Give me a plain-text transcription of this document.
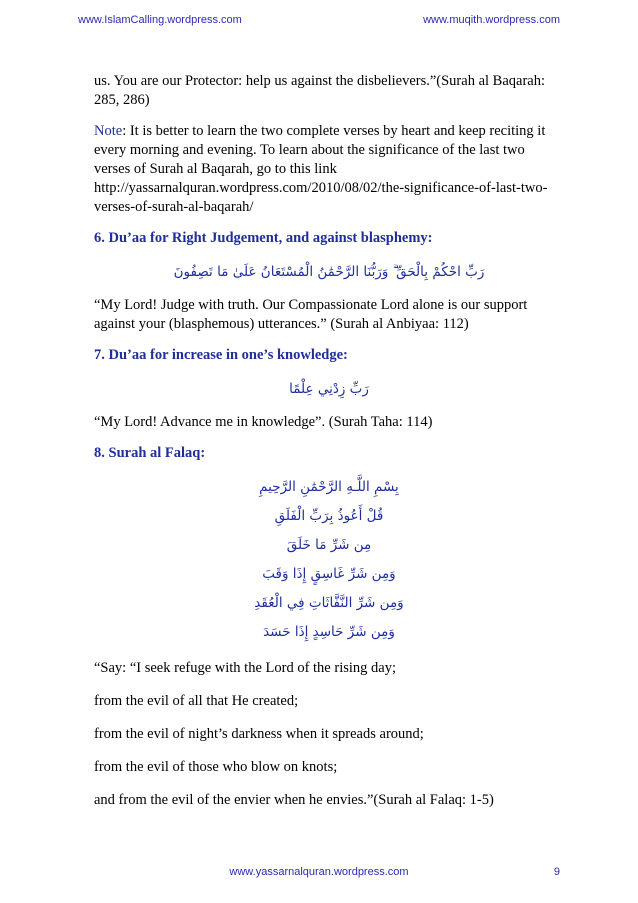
www.IslamCalling.wordpress.com	www.muqith.wordpress.com

us. You are our Protector: help us against the disbelievers.”(Surah al Baqarah: 285, 286)

Note: It is better to learn the two complete verses by heart and keep reciting it every morning and evening. To learn about the significance of the last two verses of Surah al Baqarah, go to this link http://yassarnalquran.wordpress.com/2010/08/02/the-significance-of-last-two-verses-of-surah-al-baqarah/

6. Du’aa for Right Judgement, and against blasphemy:
رَبِّ احْكُمْ بِالْحَقِّ ۗ وَرَبُّنَا الرَّحْمَٰنُ الْمُسْتَعَانُ عَلَىٰ مَا تَصِفُونَ

“My Lord! Judge with truth. Our Compassionate Lord alone is our support against your (blasphemous) utterances.” (Surah al Anbiyaa: 112)

7. Du’aa for increase in one’s knowledge:
رَبِّ زِدْنِي عِلْمًا

“My Lord! Advance me in knowledge”. (Surah Taha: 114)

8. Surah al Falaq:
بِسْمِ اللَّـهِ الرَّحْمَٰنِ الرَّحِيمِ
قُلْ أَعُوذُ بِرَبِّ الْفَلَقِ
مِن شَرِّ مَا خَلَقَ
وَمِن شَرِّ غَاسِقٍ إِذَا وَقَبَ
وَمِن شَرِّ النَّفَّاثَاتِ فِي الْعُقَدِ
وَمِن شَرِّ حَاسِدٍ إِذَا حَسَدَ

“Say: “I seek refuge with the Lord of the rising day;

from the evil of all that He created;

from the evil of night’s darkness when it spreads around;

from the evil of those who blow on knots;

and from the evil of the envier when he envies.”(Surah al Falaq: 1-5)

www.yassarnalquran.wordpress.com	9
